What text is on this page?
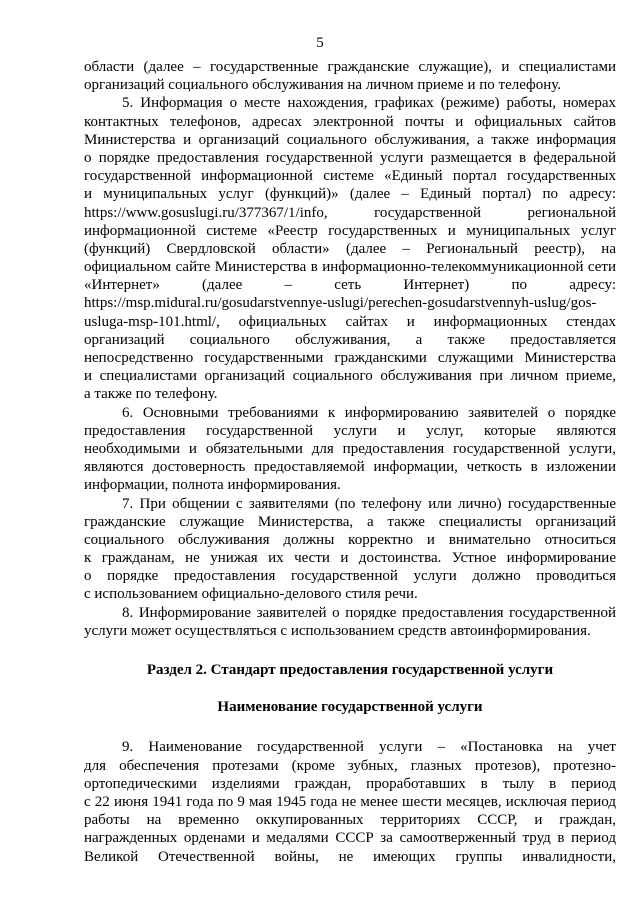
5
области (далее – государственные гражданские служащие), и специалистами
организаций социального обслуживания на личном приеме и по телефону.
5. Информация о месте нахождения, графиках (режиме) работы, номерах
контактных телефонов, адресах электронной почты и официальных сайтов
Министерства и организаций социального обслуживания, а также информация
о порядке предоставления государственной услуги размещается в федеральной
государственной информационной системе «Единый портал государственных
и муниципальных услуг (функций)» (далее – Единый портал) по адресу:
https://www.gosuslugi.ru/377367/1/info, государственной региональной
информационной системе «Реестр государственных и муниципальных услуг
(функций) Свердловской области» (далее – Региональный реестр), на
официальном сайте Министерства в информационно-телекоммуникационной сети
«Интернет» (далее – сеть Интернет) по адресу:
https://msp.midural.ru/gosudarstvennye-uslugi/perechen-gosudarstvennyh-uslug/gos-
usluga-msp-101.html/, официальных сайтах и информационных стендах
организаций социального обслуживания, а также предоставляется
непосредственно государственными гражданскими служащими Министерства
и специалистами организаций социального обслуживания при личном приеме,
а также по телефону.
6. Основными требованиями к информированию заявителей о порядке
предоставления государственной услуги и услуг, которые являются
необходимыми и обязательными для предоставления государственной услуги,
являются достоверность предоставляемой информации, четкость в изложении
информации, полнота информирования.
7. При общении с заявителями (по телефону или лично) государственные
гражданские служащие Министерства, а также специалисты организаций
социального обслуживания должны корректно и внимательно относиться
к гражданам, не унижая их чести и достоинства. Устное информирование
о порядке предоставления государственной услуги должно проводиться
с использованием официально-делового стиля речи.
8. Информирование заявителей о порядке предоставления государственной
услуги может осуществляться с использованием средств автоинформирования.
Раздел 2. Стандарт предоставления государственной услуги
Наименование государственной услуги
9. Наименование государственной услуги – «Постановка на учет
для обеспечения протезами (кроме зубных, глазных протезов), протезно-
ортопедическими изделиями граждан, проработавших в тылу в период
с 22 июня 1941 года по 9 мая 1945 года не менее шести месяцев, исключая период
работы на временно оккупированных территориях СССР, и граждан,
награжденных орденами и медалями СССР за самоотверженный труд в период
Великой Отечественной войны, не имеющих группы инвалидности,
